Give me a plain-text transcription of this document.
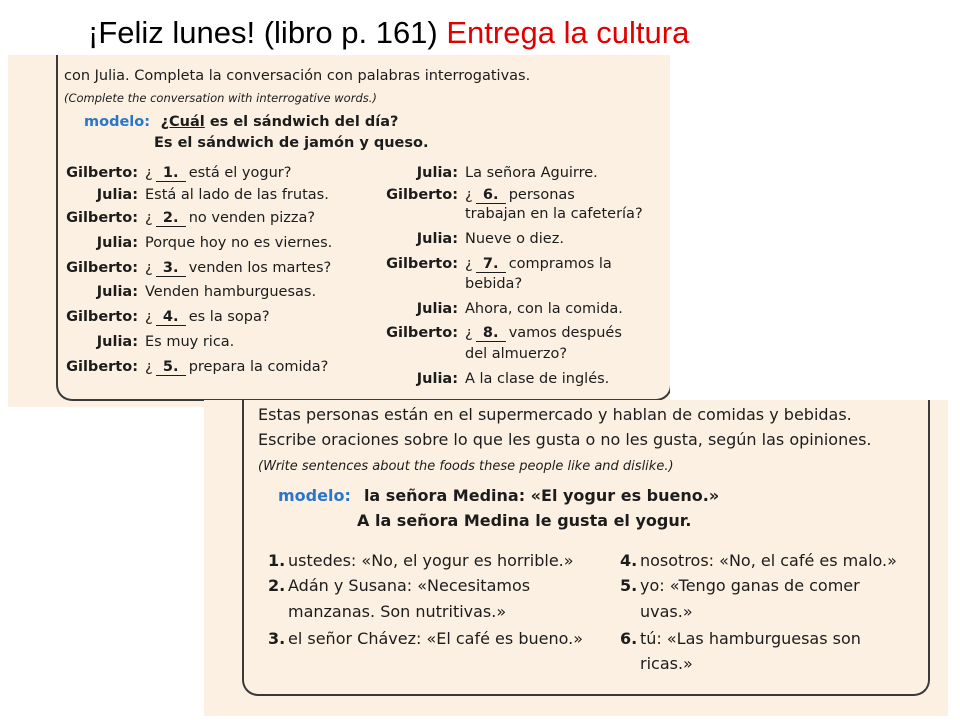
¡Feliz lunes! (libro p. 161) Entrega la cultura
con Julia. Completa la conversación con palabras interrogativas.
(Complete the conversation with interrogative words.)
modelo: ¿Cuál es el sándwich del día?
Es el sándwich de jamón y queso.
Gilberto: ¿ 1. está el yogur?
Julia: Está al lado de las frutas.
Gilberto: ¿ 2. no venden pizza?
Julia: Porque hoy no es viernes.
Gilberto: ¿ 3. venden los martes?
Julia: Venden hamburguesas.
Gilberto: ¿ 4. es la sopa?
Julia: Es muy rica.
Gilberto: ¿ 5. prepara la comida?
Julia: La señora Aguirre.
Gilberto: ¿ 6. personas
trabajan en la cafetería?
Julia: Nueve o diez.
Gilberto: ¿ 7. compramos la
bebida?
Julia: Ahora, con la comida.
Gilberto: ¿ 8. vamos después
del almuerzo?
Julia: A la clase de inglés.
Estas personas están en el supermercado y hablan de comidas y bebidas.
Escribe oraciones sobre lo que les gusta o no les gusta, según las opiniones.
(Write sentences about the foods these people like and dislike.)
modelo: la señora Medina: «El yogur es bueno.»
A la señora Medina le gusta el yogur.
1. ustedes: «No, el yogur es horrible.»
2. Adán y Susana: «Necesitamos
manzanas. Son nutritivas.»
3. el señor Chávez: «El café es bueno.»
4. nosotros: «No, el café es malo.»
5. yo: «Tengo ganas de comer
uvas.»
6. tú: «Las hamburguesas son
ricas.»
